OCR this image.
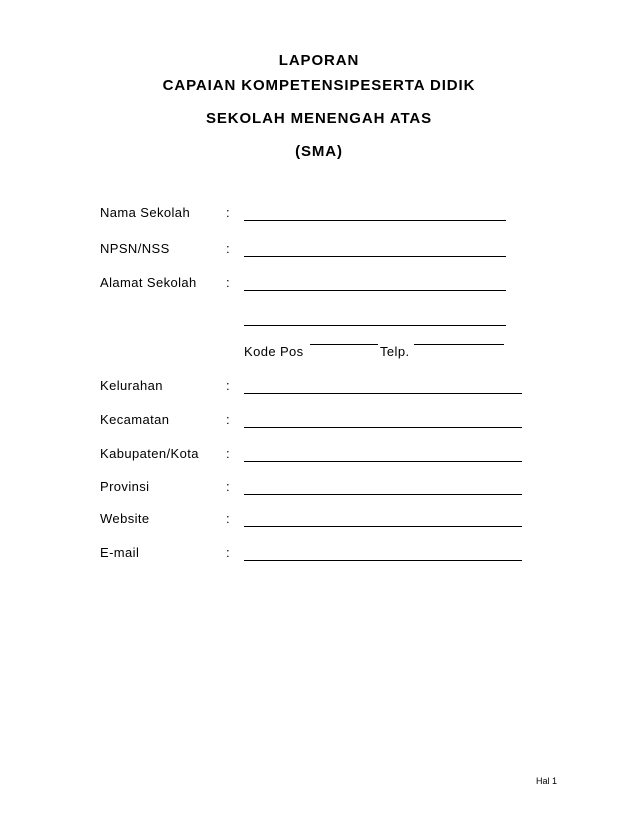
LAPORAN
CAPAIAN KOMPETENSIPESERTA DIDIK
SEKOLAH MENENGAH ATAS
(SMA)
Nama Sekolah	:
NPSN/NSS	:
Alamat Sekolah :
Kode Pos	Telp.
Kelurahan	:
Kecamatan	:
Kabupaten/Kota :
Provinsi	:
Website	:
E-mail	:
Hal 1
